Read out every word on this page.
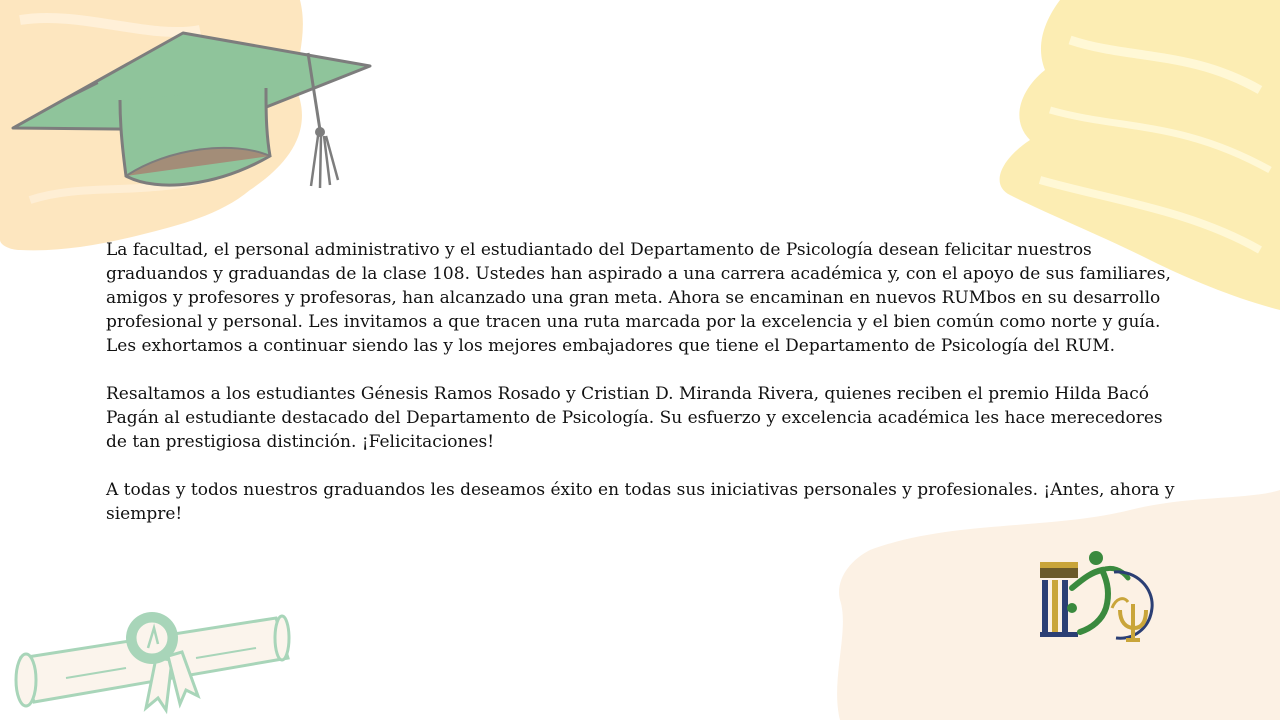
La facultad, el personal administrativo y el estudiantado del Departamento de Psicología desean felicitar nuestros graduandos y graduandas de la clase 108. Ustedes han aspirado a una carrera académica y, con el apoyo de sus familiares, amigos y profesores y profesoras, han alcanzado una gran meta. Ahora se encaminan en nuevos RUMbos en su desarrollo profesional y personal. Les invitamos a que tracen una ruta marcada por la excelencia y el bien común como norte y guía. Les exhortamos a continuar siendo las y los mejores embajadores que tiene el Departamento de Psicología del RUM.

Resaltamos a los estudiantes Génesis Ramos Rosado y Cristian D. Miranda Rivera, quienes reciben el premio Hilda Bacó Pagán al estudiante destacado del Departamento de Psicología. Su esfuerzo y excelencia académica les hace merecedores de tan prestigiosa distinción. ¡Felicitaciones!

A todas y todos nuestros graduandos les deseamos éxito en todas sus iniciativas personales y profesionales. ¡Antes, ahora y siempre!
